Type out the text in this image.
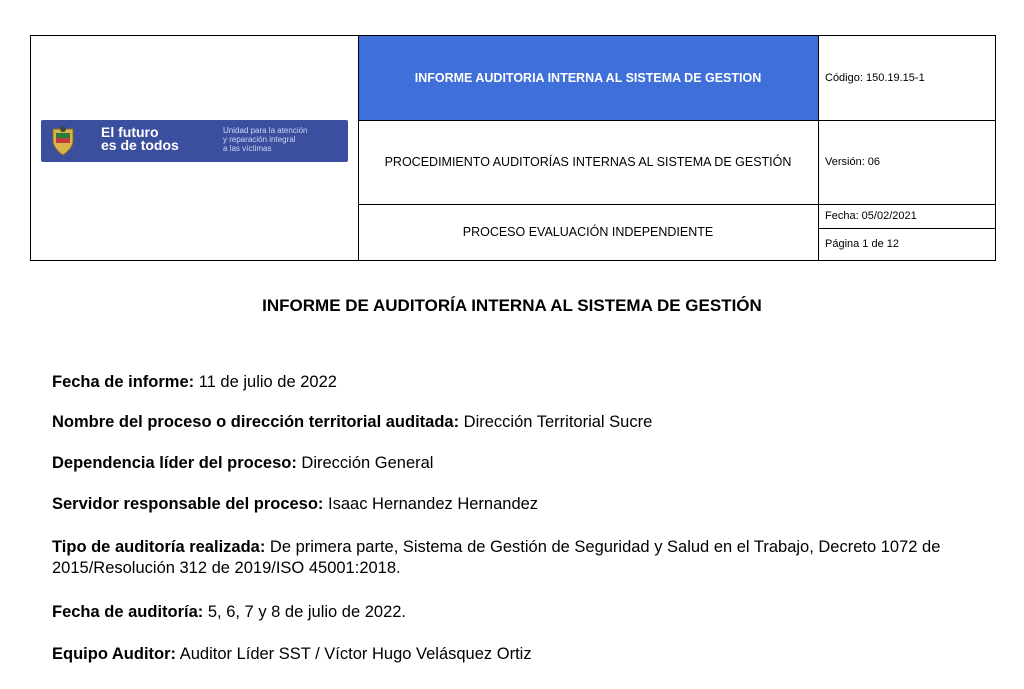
El futuro
es de todos
Unidad para la atención
y reparación integral
a las víctimas
INFORME AUDITORIA INTERNA AL SISTEMA DE GESTION
PROCEDIMIENTO AUDITORÍAS INTERNAS AL SISTEMA DE GESTIÓN
PROCESO EVALUACIÓN INDEPENDIENTE
Código: 150.19.15-1
Versión: 06
Fecha: 05/02/2021
Página 1 de 12
INFORME DE AUDITORÍA INTERNA AL SISTEMA DE GESTIÓN
Fecha de informe: 11 de julio de 2022
Nombre del proceso o dirección territorial auditada: Dirección Territorial Sucre
Dependencia líder del proceso: Dirección General
Servidor responsable del proceso: Isaac Hernandez Hernandez
Tipo de auditoría realizada: De primera parte, Sistema de Gestión de Seguridad y Salud en el Trabajo, Decreto 1072 de 2015/Resolución 312 de 2019/ISO 45001:2018.
Fecha de auditoría: 5, 6, 7 y 8 de julio de 2022.
Equipo Auditor: Auditor Líder SST / Víctor Hugo Velásquez Ortiz
